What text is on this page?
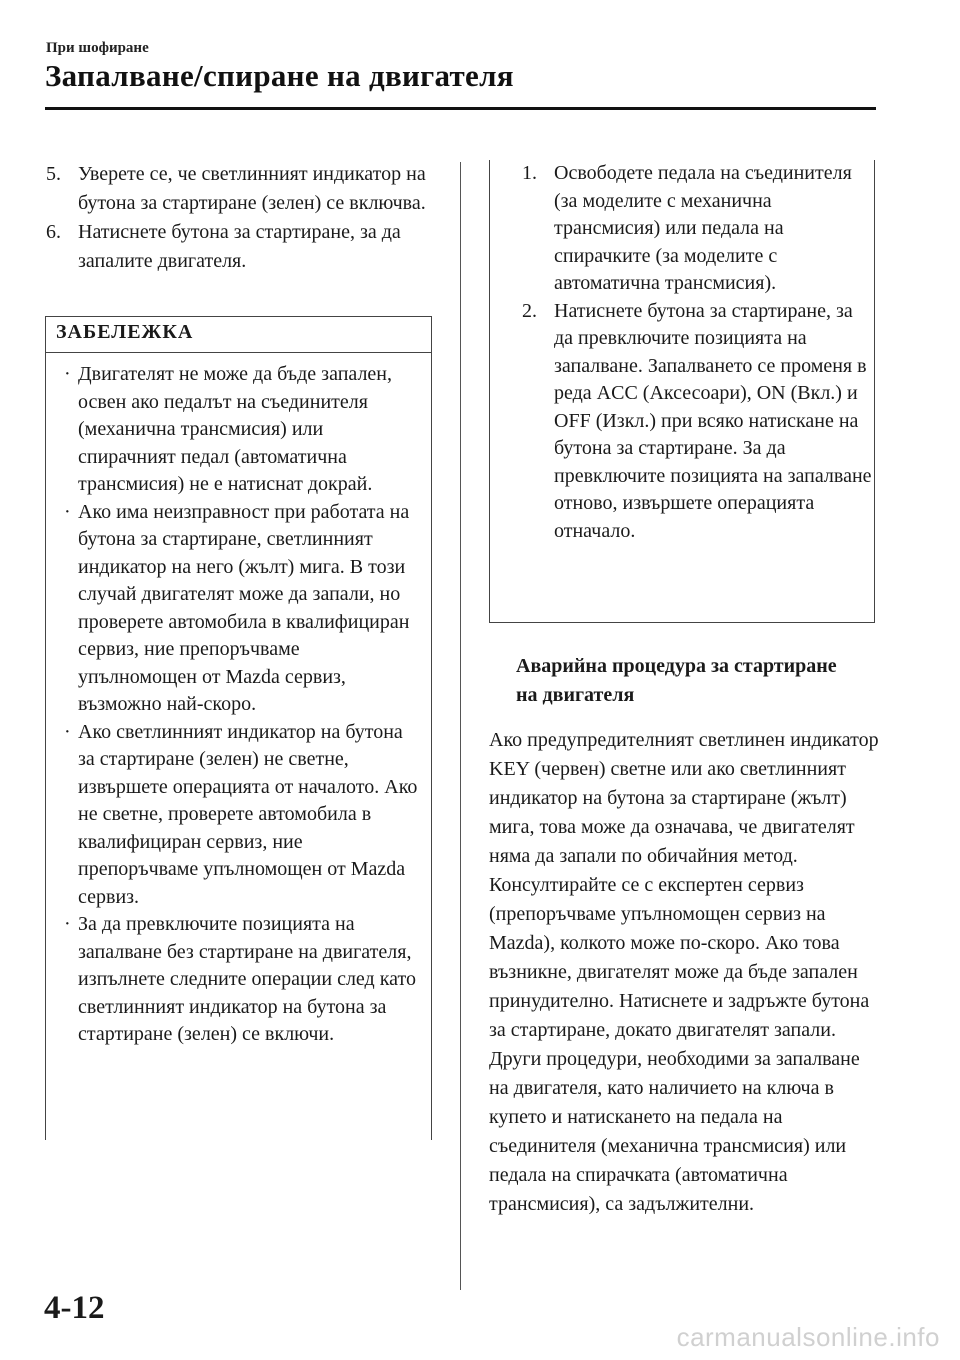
При шофиране
Запалване/спиране на двигателя

5. Уверете се, че светлинният индикатор на бутона за стартиране (зелен) се включва.

6. Натиснете бутона за стартиране, за да запалите двигателя.

ЗАБЕЛЕЖКА
· Двигателят не може да бъде запален, освен ако педалът на съединителя (механична трансмисия) или спирачният педал (автоматична трансмисия) не е натиснат докрай.
· Ако има неизправност при работата на бутона за стартиране, светлинният индикатор на него (жълт) мига. В този случай двигателят може да запали, но проверете автомобила в квалифициран сервиз, ние препоръчваме упълномощен от Mazda сервиз, възможно най-скоро.
· Ако светлинният индикатор на бутона за стартиране (зелен) не светне, извършете операцията от началото. Ако не светне, проверете автомобила в квалифициран сервиз, ние препоръчваме упълномощен от Mazda сервиз.
· За да превключите позицията на запалване без стартиране на двигателя, изпълнете следните операции след като светлинният индикатор на бутона за стартиране (зелен) се включи.
1. Освободете педала на съединителя (за моделите с механична трансмисия) или педала на спирачките (за моделите с автоматична трансмисия).
2. Натиснете бутона за стартиране, за да превключите позицията на запалване. Запалването се променя в реда ACC (Аксесоари), ON (Вкл.) и OFF (Изкл.) при всяко натискане на бутона за стартиране. За да превключите позицията на запалване отново, извършете операцията отначало.
Аварийна процедура за стартиране на двигателя
Ако предупредителният светлинен индикатор KEY (червен) светне или ако светлинният индикатор на бутона за стартиране (жълт) мига, това може да означава, че двигателят няма да запали по обичайния метод. Консултирайте се с експертен сервиз (препоръчваме упълномощен сервиз на Mazda), колкото може по-скоро. Ако това възникне, двигателят може да бъде запален принудително. Натиснете и задръжте бутона за стартиране, докато двигателят запали. Други процедури, необходими за запалване на двигателя, като наличието на ключа в купето и натискането на педала на съединителя (механична трансмисия) или педала на спирачката (автоматична трансмисия), са задължителни.
4-12
carmanualsonline.info
